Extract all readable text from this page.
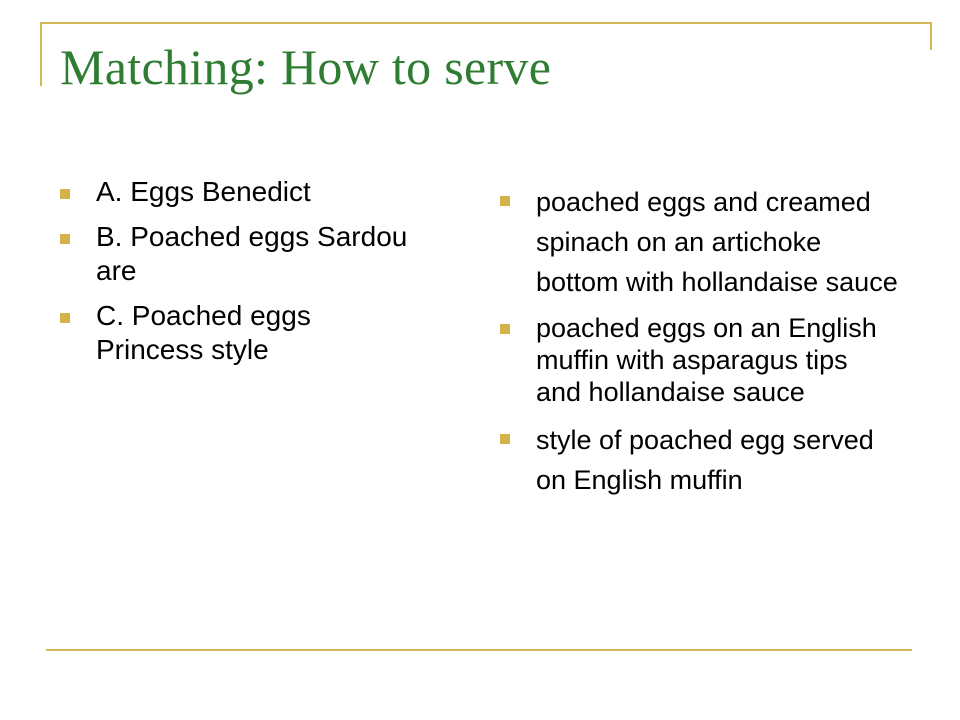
Matching: How to serve
A. Eggs Benedict
B. Poached eggs Sardou are
C. Poached eggs Princess style
poached eggs and creamed spinach on an artichoke bottom with hollandaise sauce
poached eggs on an English muffin with asparagus tips and hollandaise sauce
style of poached egg served on English muffin
